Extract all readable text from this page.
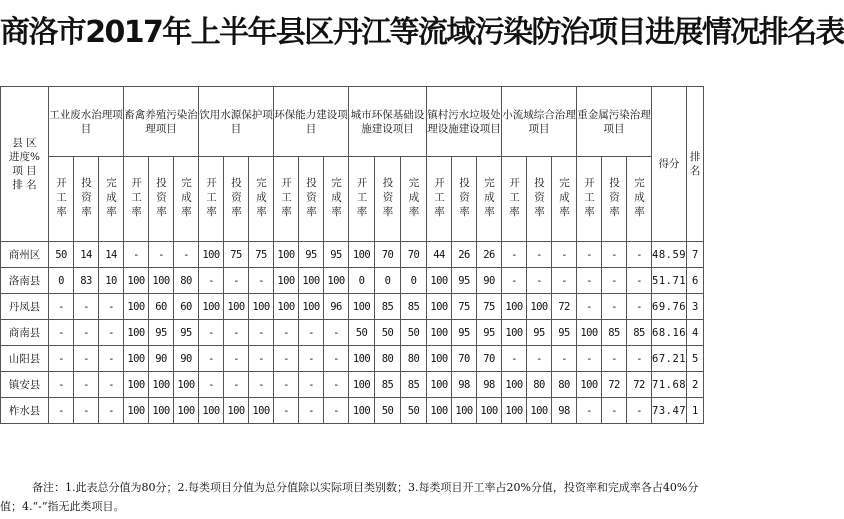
商洛市2017年上半年县区丹江等流域污染防治项目进展情况排名表
县 区
进度%
项 目
排 名	工业废水治理项目			畜禽养殖污染治理项目			饮用水源保护项目			环保能力建设项目			城市环保基础设施建设项目			镇村污水垃圾处理设施建设项目			小流域综合治理项目			重金属污染治理项目			得分	排名
	开工率	投资率	完成率	开工率	投资率	完成率	开工率	投资率	完成率	开工率	投资率	完成率	开工率	投资率	完成率	开工率	投资率	完成率	开工率	投资率	完成率	开工率	投资率	完成率		
商州区	50	14	14	-	-	-	100	75	75	100	95	95	100	70	70	44	26	26	-	-	-	-	-	-	48.59	7
洛南县	0	83	10	100	100	80	-	-	-	100	100	100	0	0	0	100	95	90	-	-	-	-	-	-	51.71	6
丹凤县	-	-	-	100	60	60	100	100	100	100	100	96	100	85	85	100	75	75	100	100	72	-	-	-	69.76	3
商南县	-	-	-	100	95	95	-	-	-	-	-	-	50	50	50	100	95	95	100	95	95	100	85	85	68.16	4
山阳县	-	-	-	100	90	90	-	-	-	-	-	-	100	80	80	100	70	70	-	-	-	-	-	-	67.21	5
镇安县	-	-	-	100	100	100	-	-	-	-	-	-	100	85	85	100	98	98	100	80	80	100	72	72	71.68	2
柞水县	-	-	-	100	100	100	100	100	100	-	-	-	100	50	50	100	100	100	100	100	98	-	-	-	73.47	1
备注：1.此表总分值为80分；2.每类项目分值为总分值除以实际项目类别数；3.每类项目开工率占20%分值，投资率和完成率各占40%分值；4.“-”指无此类项目。
